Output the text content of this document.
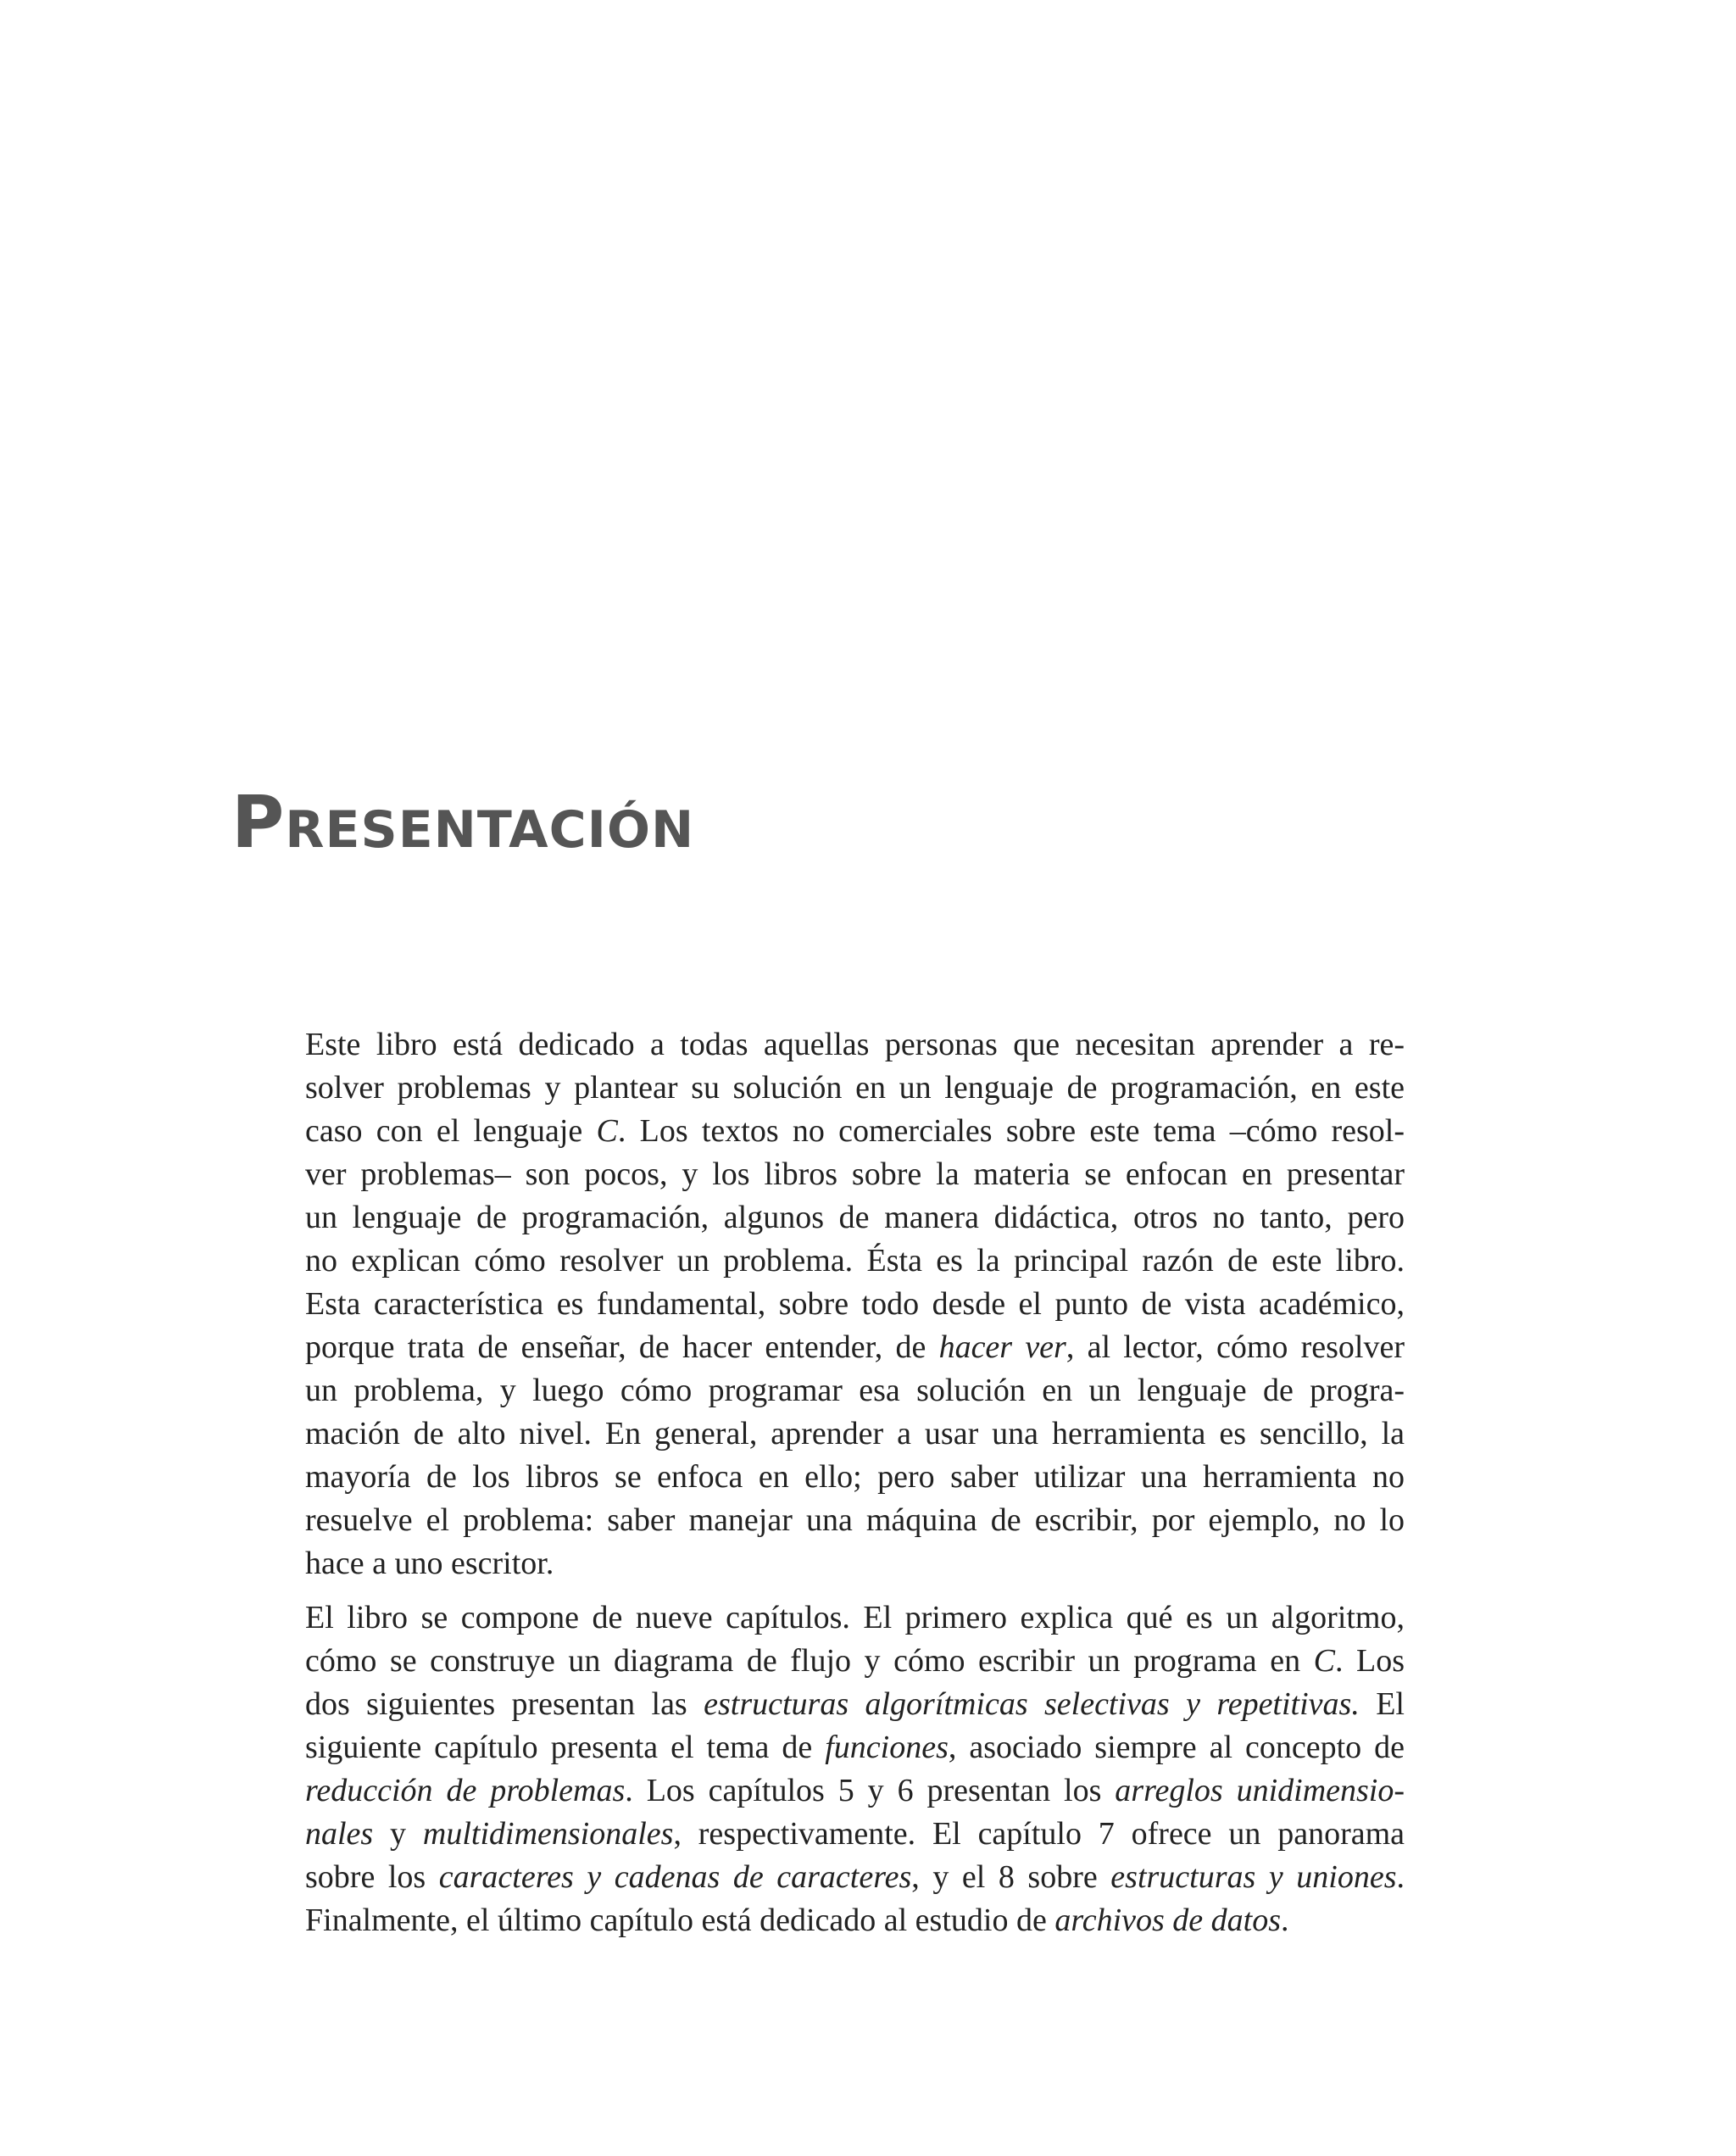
Presentación

Este libro está dedicado a todas aquellas personas que necesitan aprender a re-
solver problemas y plantear su solución en un lenguaje de programación, en este
caso con el lenguaje C. Los textos no comerciales sobre este tema –cómo resol-
ver problemas– son pocos, y los libros sobre la materia se enfocan en presentar
un lenguaje de programación, algunos de manera didáctica, otros no tanto, pero
no explican cómo resolver un problema. Ésta es la principal razón de este libro.
Esta característica es fundamental, sobre todo desde el punto de vista académico,
porque trata de enseñar, de hacer entender, de hacer ver, al lector, cómo resolver
un problema, y luego cómo programar esa solución en un lenguaje de progra-
mación de alto nivel. En general, aprender a usar una herramienta es sencillo, la
mayoría de los libros se enfoca en ello; pero saber utilizar una herramienta no
resuelve el problema: saber manejar una máquina de escribir, por ejemplo, no lo
hace a uno escritor.

El libro se compone de nueve capítulos. El primero explica qué es un algoritmo,
cómo se construye un diagrama de flujo y cómo escribir un programa en C. Los
dos siguientes presentan las estructuras algorítmicas selectivas y repetitivas. El
siguiente capítulo presenta el tema de funciones, asociado siempre al concepto de
reducción de problemas. Los capítulos 5 y 6 presentan los arreglos unidimensio-
nales y multidimensionales, respectivamente. El capítulo 7 ofrece un panorama
sobre los caracteres y cadenas de caracteres, y el 8 sobre estructuras y uniones.
Finalmente, el último capítulo está dedicado al estudio de archivos de datos.
